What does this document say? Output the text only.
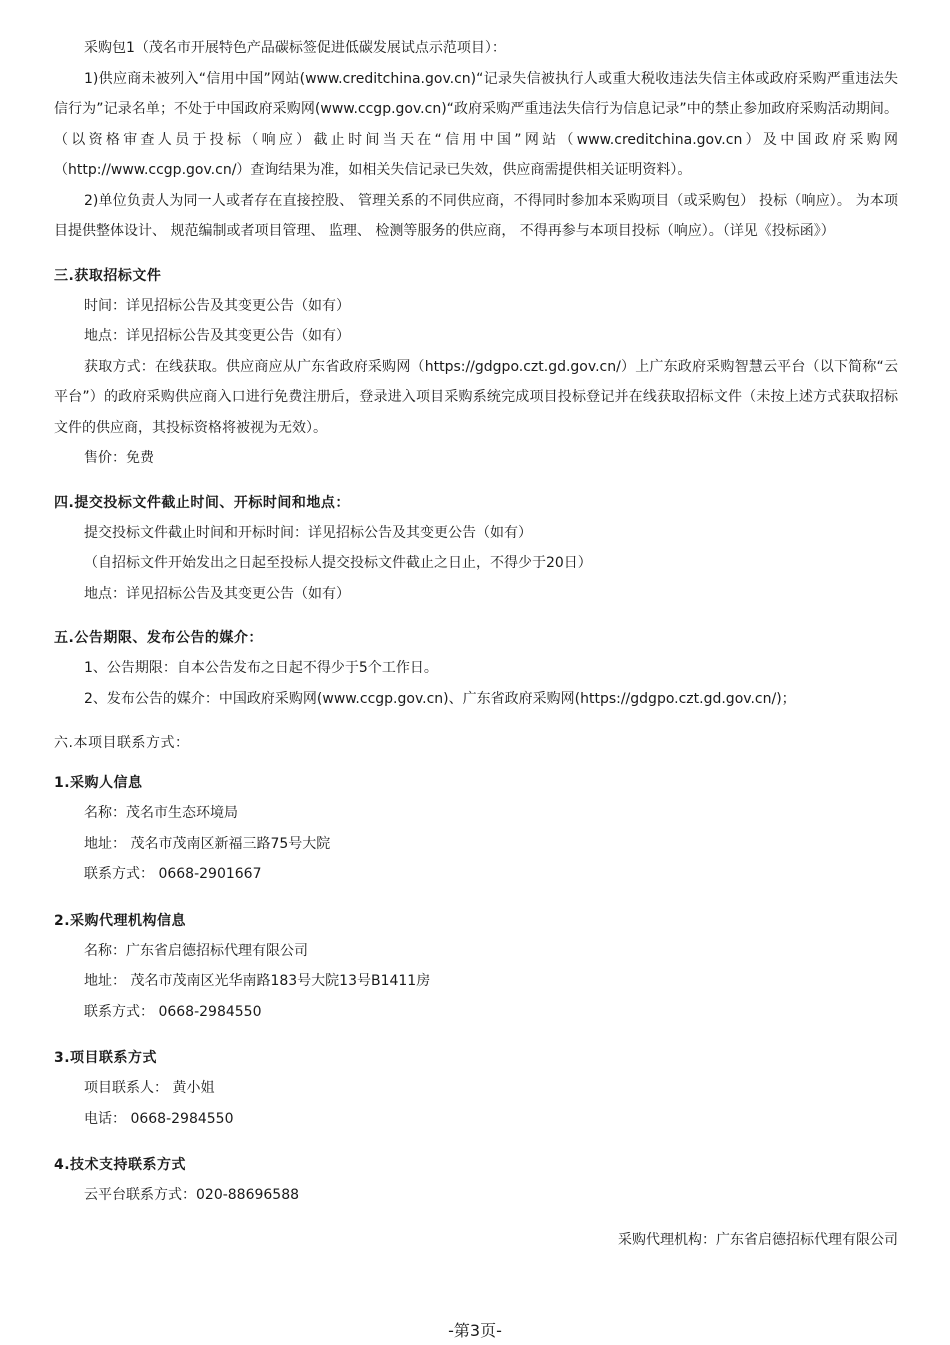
采购包1（茂名市开展特色产品碳标签促进低碳发展试点示范项目）：

1)供应商未被列入“信用中国”网站(www.creditchina.gov.cn)“记录失信被执行人或重大税收违法失信主体或政府采购严重违法失信行为”记录名单；不处于中国政府采购网(www.ccgp.gov.cn)“政府采购严重违法失信行为信息记录”中的禁止参加政府采购活动期间。（以资格审查人员于投标（响应）截止时间当天在“信用中国”网站（www.creditchina.gov.cn）及中国政府采购网（http://www.ccgp.gov.cn/）查询结果为准，如相关失信记录已失效，供应商需提供相关证明资料）。

2)单位负责人为同一人或者存在直接控股、 管理关系的不同供应商，不得同时参加本采购项目（或采购包） 投标（响应）。 为本项目提供整体设计、 规范编制或者项目管理、 监理、 检测等服务的供应商， 不得再参与本项目投标（响应）。（详见《投标函》）

三.获取招标文件

时间：详见招标公告及其变更公告（如有）

地点：详见招标公告及其变更公告（如有）

获取方式：在线获取。供应商应从广东省政府采购网（https://gdgpo.czt.gd.gov.cn/）上广东政府采购智慧云平台（以下简称“云平台”）的政府采购供应商入口进行免费注册后，登录进入项目采购系统完成项目投标登记并在线获取招标文件（未按上述方式获取招标文件的供应商，其投标资格将被视为无效）。

售价：免费

四.提交投标文件截止时间、开标时间和地点：

提交投标文件截止时间和开标时间：详见招标公告及其变更公告（如有）

（自招标文件开始发出之日起至投标人提交投标文件截止之日止，不得少于20日）

地点：详见招标公告及其变更公告（如有）

五.公告期限、发布公告的媒介：

1、公告期限：自本公告发布之日起不得少于5个工作日。

2、发布公告的媒介：中国政府采购网(www.ccgp.gov.cn)、广东省政府采购网(https://gdgpo.czt.gd.gov.cn/)；

六.本项目联系方式：

1.采购人信息

名称：茂名市生态环境局

地址： 茂名市茂南区新福三路75号大院

联系方式： 0668-2901667

2.采购代理机构信息

名称：广东省启德招标代理有限公司

地址： 茂名市茂南区光华南路183号大院13号B1411房

联系方式： 0668-2984550

3.项目联系方式

项目联系人： 黄小姐

电话： 0668-2984550

4.技术支持联系方式

云平台联系方式：020-88696588

采购代理机构：广东省启德招标代理有限公司

-第3页-
